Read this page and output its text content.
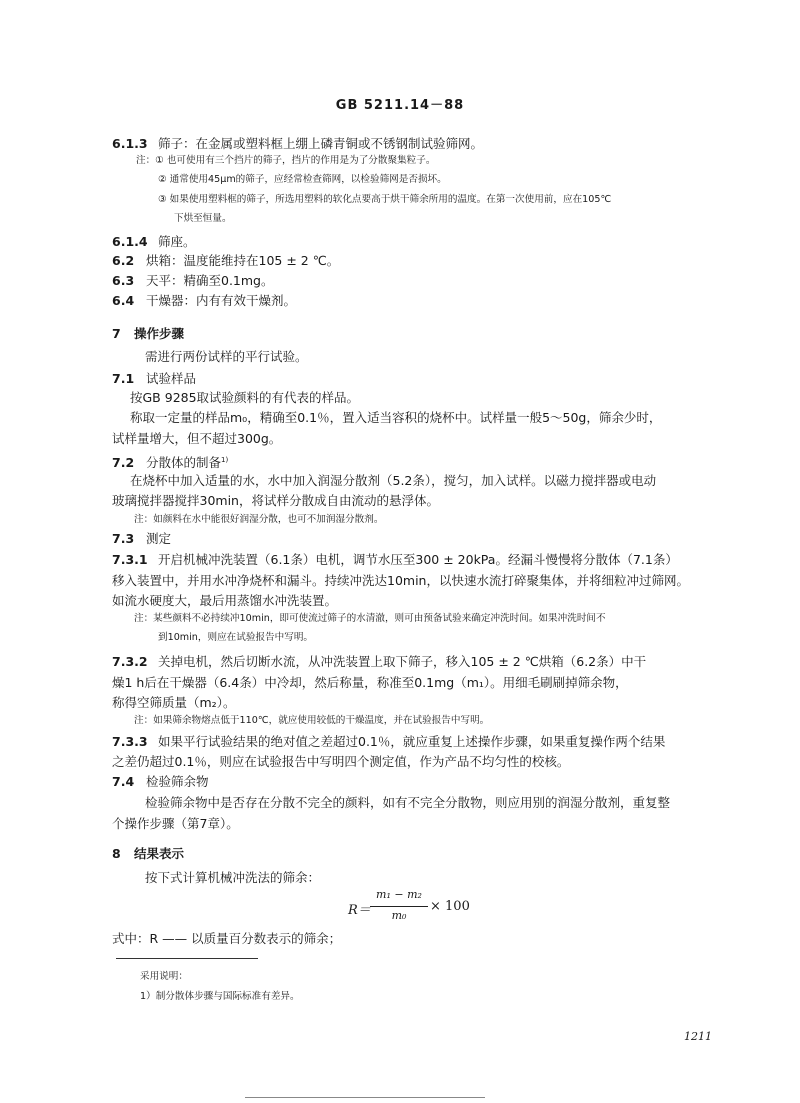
GB 5211.14－88
6.1.3 筛子：在金属或塑料框上绷上磷青铜或不锈钢制试验筛网。
注：① 也可使用有三个挡片的筛子，挡片的作用是为了分散聚集粒子。
② 通常使用45μm的筛子，应经常检查筛网，以检验筛网是否损坏。
③ 如果使用塑料框的筛子，所选用塑料的软化点要高于烘干筛余所用的温度。在第一次使用前，应在105℃
下烘至恒量。
6.1.4 筛座。
6.2 烘箱：温度能维持在105 ± 2 ℃。
6.3 天平：精确至0.1mg。
6.4 干燥器：内有有效干燥剂。
7 操作步骤
需进行两份试样的平行试验。
7.1 试验样品
按GB 9285取试验颜料的有代表的样品。
称取一定量的样品m₀，精确至0.1％，置入适当容积的烧杯中。试样量一般5～50g，筛余少时，
试样量增大，但不超过300g。
7.2 分散体的制备$^{1)}$
在烧杯中加入适量的水，水中加入润湿分散剂（5.2条），搅匀，加入试样。以磁力搅拌器或电动
玻璃搅拌器搅拌30min，将试样分散成自由流动的悬浮体。
注：如颜料在水中能很好润湿分散，也可不加润湿分散剂。
7.3 测定
7.3.1 开启机械冲洗装置（6.1条）电机，调节水压至300 ± 20kPa。经漏斗慢慢将分散体（7.1条）
移入装置中，并用水冲净烧杯和漏斗。持续冲洗达10min，以快速水流打碎聚集体，并将细粒冲过筛网。
如流水硬度大，最后用蒸馏水冲洗装置。
注：某些颜料不必持续冲10min，即可使流过筛子的水清澈，则可由预备试验来确定冲洗时间。如果冲洗时间不
到10min，则应在试验报告中写明。
7.3.2 关掉电机，然后切断水流，从冲洗装置上取下筛子，移入105 ± 2 ℃烘箱（6.2条）中干
燥1 h后在干燥器（6.4条）中冷却，然后称量，称准至0.1mg（m₁）。用细毛刷刷掉筛余物，
称得空筛质量（m₂）。
注：如果筛余物熔点低于110℃，就应使用较低的干燥温度，并在试验报告中写明。
7.3.3 如果平行试验结果的绝对值之差超过0.1％，就应重复上述操作步骤，如果重复操作两个结果
之差仍超过0.1％，则应在试验报告中写明四个测定值，作为产品不均匀性的校核。
7.4 检验筛余物
检验筛余物中是否存在分散不完全的颜料，如有不完全分散物，则应用别的润湿分散剂，重复整
个操作步骤（第7章）。
8 结果表示
按下式计算机械冲洗法的筛余：
R＝
m₁ − m₂
m₀
× 100
式中：R —— 以质量百分数表示的筛余；
采用说明：
1）制分散体步骤与国际标准有差异。
1211
